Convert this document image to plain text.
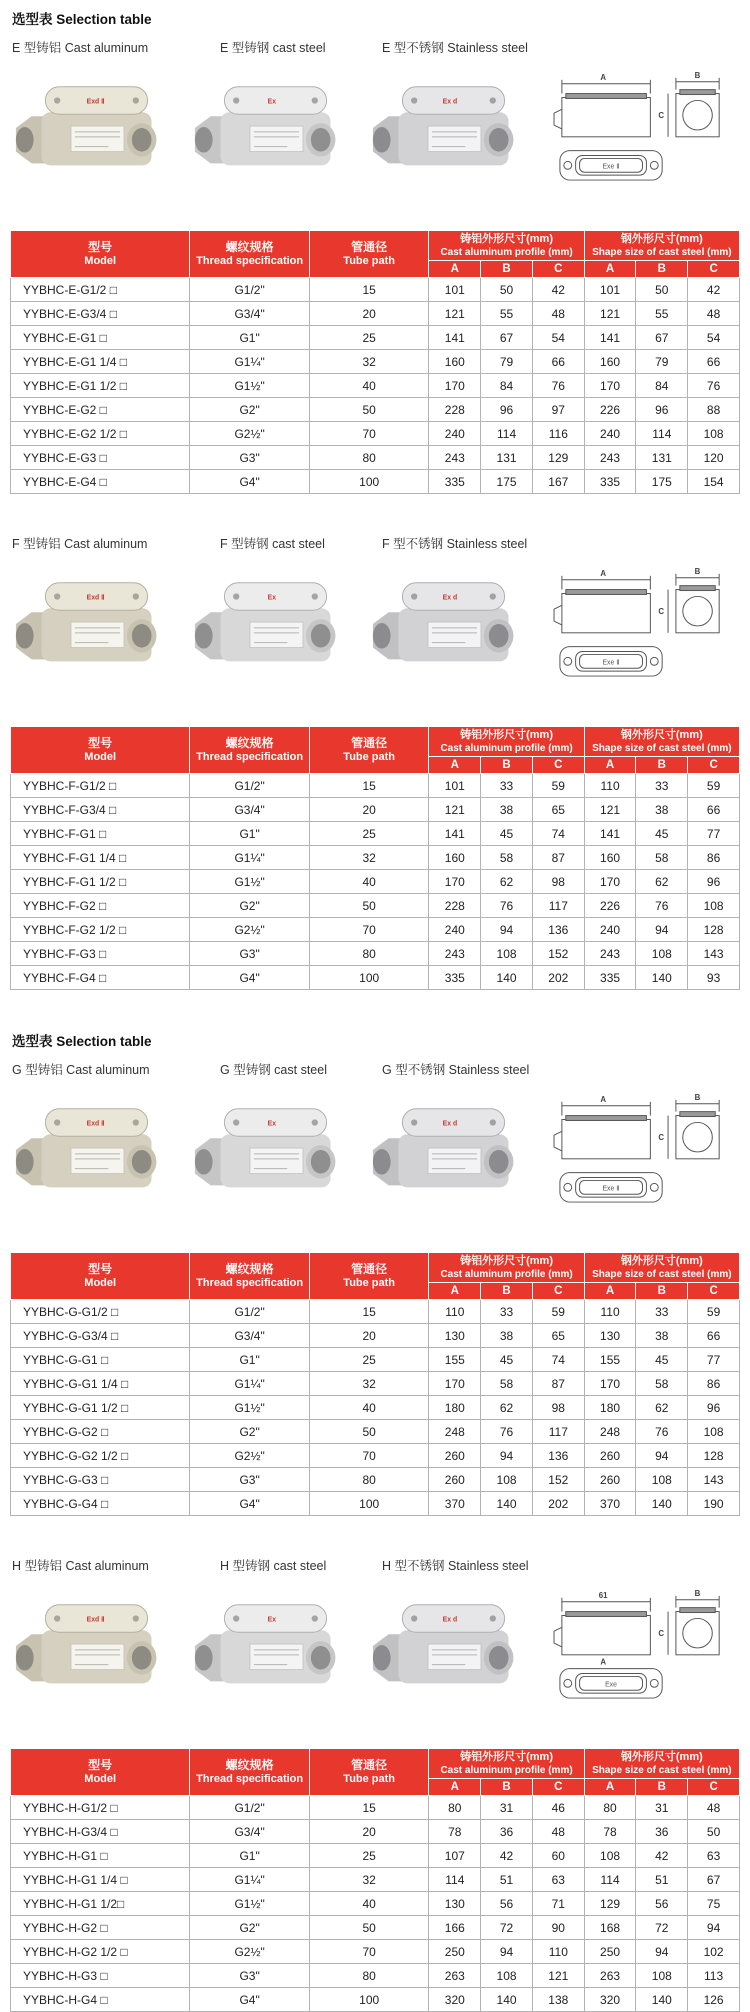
选型表 Selection table
E 型铸铝 Cast aluminum	E 型铸钢 cast steel	E 型不锈钢 Stainless steel
Exd Ⅱ	Ex	Ex d
A	B
C
Exe Ⅱ
型号
Model

螺纹规格
Thread specification

管通径
Tube path

铸铝外形尺寸(mm)
Cast aluminum profile (mm)

钢外形尺寸(mm)
Shape size of cast steel (mm)

			A	B	C	A	B	C
YYBHC-E-G1/2 □	G1/2"	15	101	50	42	101	50	42
YYBHC-E-G3/4 □	G3/4"	20	121	55	48	121	55	48
YYBHC-E-G1 □	G1"	25	141	67	54	141	67	54
YYBHC-E-G1 1/4 □	G1¼"	32	160	79	66	160	79	66
YYBHC-E-G1 1/2 □	G1½"	40	170	84	76	170	84	76
YYBHC-E-G2 □	G2"	50	228	96	97	226	96	88
YYBHC-E-G2 1/2 □	G2½"	70	240	114	116	240	114	108
YYBHC-E-G3 □	G3"	80	243	131	129	243	131	120
YYBHC-E-G4 □	G4"	100	335	175	167	335	175	154
F 型铸铝 Cast aluminum	F 型铸钢 cast steel	F 型不锈钢 Stainless steel
Exd Ⅱ	Ex	Ex d
A	B
C
Exe Ⅱ
型号
Model

螺纹规格
Thread specification

管通径
Tube path

铸铝外形尺寸(mm)
Cast aluminum profile (mm)

钢外形尺寸(mm)
Shape size of cast steel (mm)

			A	B	C	A	B	C
YYBHC-F-G1/2 □	G1/2"	15	101	33	59	110	33	59
YYBHC-F-G3/4 □	G3/4"	20	121	38	65	121	38	66
YYBHC-F-G1 □	G1"	25	141	45	74	141	45	77
YYBHC-F-G1 1/4 □	G1¼"	32	160	58	87	160	58	86
YYBHC-F-G1 1/2 □	G1½"	40	170	62	98	170	62	96
YYBHC-F-G2 □	G2"	50	228	76	117	226	76	108
YYBHC-F-G2 1/2 □	G2½"	70	240	94	136	240	94	128
YYBHC-F-G3 □	G3"	80	243	108	152	243	108	143
YYBHC-F-G4 □	G4"	100	335	140	202	335	140	93
选型表 Selection table
G 型铸铝 Cast aluminum	G 型铸钢 cast steel	G 型不锈钢 Stainless steel
Exd Ⅱ	Ex	Ex d
A	B
C
Exe Ⅱ
型号
Model

螺纹规格
Thread specification

管通径
Tube path

铸铝外形尺寸(mm)
Cast aluminum profile (mm)

钢外形尺寸(mm)
Shape size of cast steel (mm)

			A	B	C	A	B	C
YYBHC-G-G1/2 □	G1/2"	15	110	33	59	110	33	59
YYBHC-G-G3/4 □	G3/4"	20	130	38	65	130	38	66
YYBHC-G-G1 □	G1"	25	155	45	74	155	45	77
YYBHC-G-G1 1/4 □	G1¼"	32	170	58	87	170	58	86
YYBHC-G-G1 1/2 □	G1½"	40	180	62	98	180	62	96
YYBHC-G-G2 □	G2"	50	248	76	117	248	76	108
YYBHC-G-G2 1/2 □	G2½"	70	260	94	136	260	94	128
YYBHC-G-G3 □	G3"	80	260	108	152	260	108	143
YYBHC-G-G4 □	G4"	100	370	140	202	370	140	190
H 型铸铝 Cast aluminum	H 型铸钢 cast steel	H 型不锈钢 Stainless steel
Exd Ⅱ	Ex	Ex d
61	B
C
A
Exe
型号
Model

螺纹规格
Thread specification

管通径
Tube path

铸铝外形尺寸(mm)
Cast aluminum profile (mm)

钢外形尺寸(mm)
Shape size of cast steel (mm)

			A	B	C	A	B	C
YYBHC-H-G1/2 □	G1/2"	15	80	31	46	80	31	48
YYBHC-H-G3/4 □	G3/4"	20	78	36	48	78	36	50
YYBHC-H-G1 □	G1"	25	107	42	60	108	42	63
YYBHC-H-G1 1/4 □	G1¼"	32	114	51	63	114	51	67
YYBHC-H-G1 1/2□	G1½"	40	130	56	71	129	56	75
YYBHC-H-G2 □	G2"	50	166	72	90	168	72	94
YYBHC-H-G2 1/2 □	G2½"	70	250	94	110	250	94	102
YYBHC-H-G3 □	G3"	80	263	108	121	263	108	113
YYBHC-H-G4 □	G4"	100	320	140	138	320	140	126
